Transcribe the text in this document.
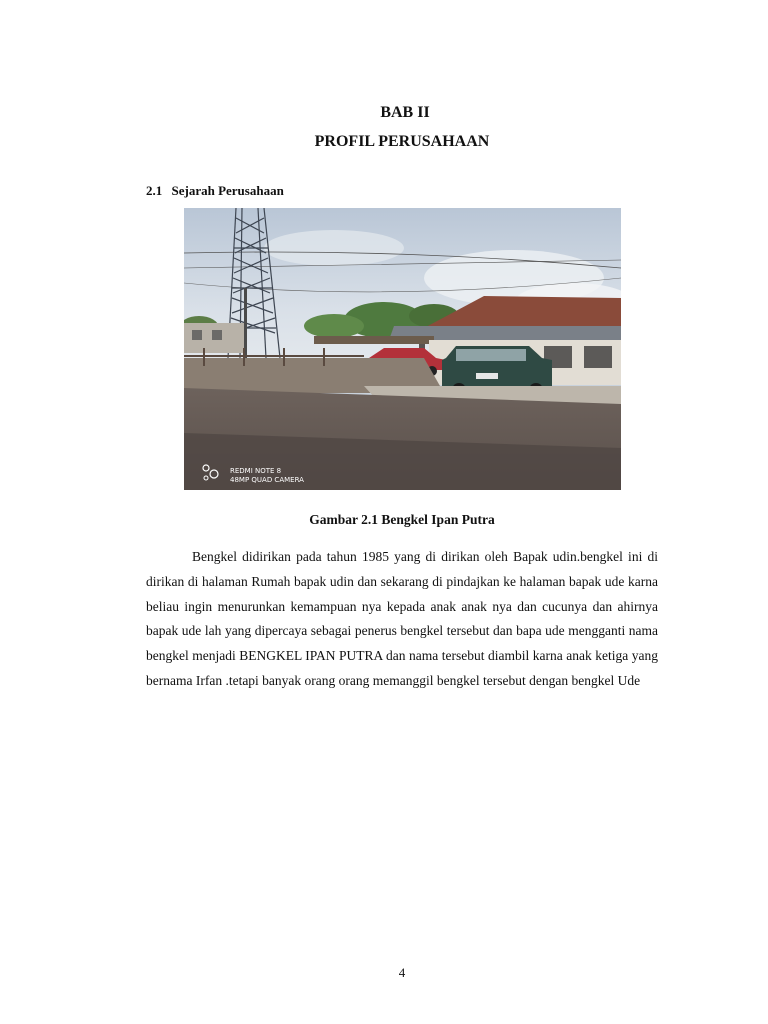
BAB II
PROFIL PERUSAHAAN
2.1 Sejarah Perusahaan
REDMI NOTE 8
48MP QUAD CAMERA
Gambar 2.1 Bengkel Ipan Putra

Bengkel didirikan pada tahun 1985 yang di dirikan oleh Bapak udin.bengkel ini di dirikan di halaman Rumah bapak udin dan sekarang di pindajkan ke halaman bapak ude karna beliau ingin menurunkan kemampuan nya kepada anak anak nya dan cucunya dan ahirnya bapak ude lah yang dipercaya sebagai penerus bengkel tersebut dan bapa ude mengganti nama bengkel menjadi BENGKEL IPAN PUTRA dan nama tersebut diambil karna anak ketiga yang bernama Irfan .tetapi banyak orang orang memanggil bengkel tersebut dengan bengkel Ude

4
